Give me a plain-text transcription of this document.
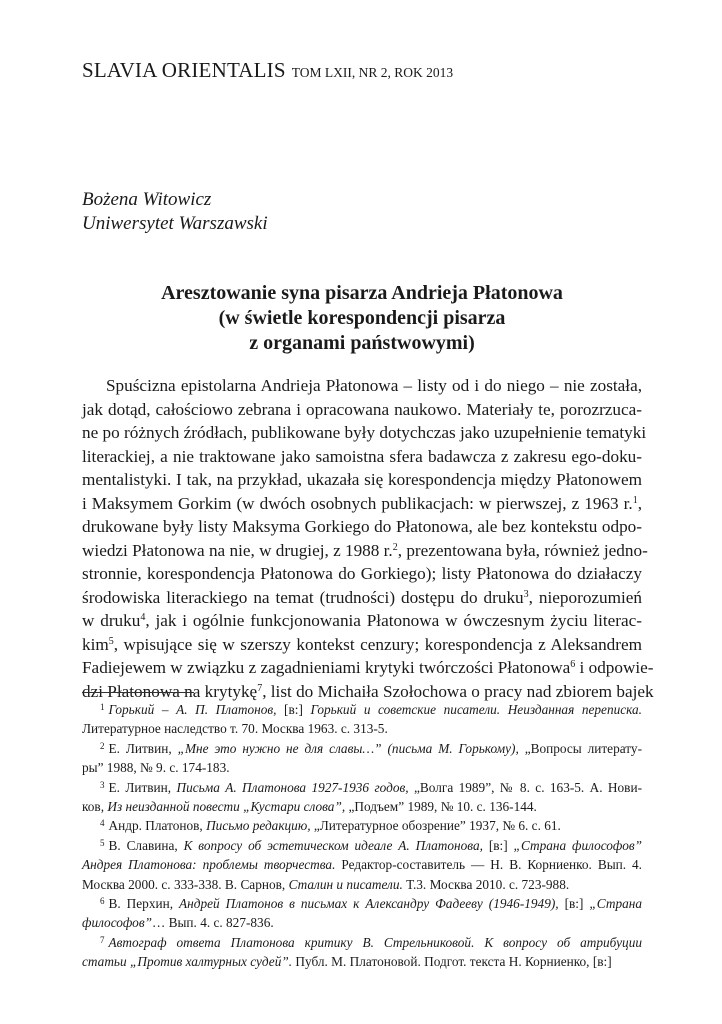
SLAVIA ORIENTALIS TOM LXII, NR 2, ROK 2013
Bożena Witowicz
Uniwersytet Warszawski
Aresztowanie syna pisarza Andrieja Płatonowa
(w świetle korespondencji pisarza
z organami państwowymi)
Spuścizna epistolarna Andrieja Płatonowa – listy od i do niego – nie została,
jak dotąd, całościowo zebrana i opracowana naukowo. Materiały te, porozrzuca-
ne po różnych źródłach, publikowane były dotychczas jako uzupełnienie tematyki
literackiej, a nie traktowane jako samoistna sfera badawcza z zakresu ego-doku-
mentalistyki. I tak, na przykład, ukazała się korespondencja między Płatonowem
i Maksymem Gorkim (w dwóch osobnych publikacjach: w pierwszej, z 1963 r.$^1$,
drukowane były listy Maksyma Gorkiego do Płatonowa, ale bez kontekstu odpo-
wiedzi Płatonowa na nie, w drugiej, z 1988 r.$^2$, prezentowana była, również jedno-
stronnie, korespondencja Płatonowa do Gorkiego); listy Płatonowa do działaczy
środowiska literackiego na temat (trudności) dostępu do druku$^3$, nieporozumień
w druku$^4$, jak i ogólnie funkcjonowania Płatonowa w ówczesnym życiu literac-
kim$^5$, wpisujące się w szerszy kontekst cenzury; korespondencja z Aleksandrem
Fadiejewem w związku z zagadnieniami krytyki twórczości Płatonowa$^6$ i odpowie-
dzi Płatonowa na krytykę$^7$, list do Michaiła Szołochowa o pracy nad zbiorem bajek
$^1$ Горький – А. П. Платонов, [в:] Горький и советские писатели. Неизданная переписка.
Литературное наследство т. 70. Москва 1963. с. 313-5.
$^2$ Е. Литвин, „Мне это нужно не для славы…” (письма М. Горькому), „Вопросы литерату-
ры” 1988, № 9. с. 174-183.
$^3$ Е. Литвин, Письма А. Платонова 1927-1936 годов, „Волга 1989”, № 8. с. 163-5. А. Нови-
ков, Из неизданной повести „Кустари слова”, „Подъем” 1989, № 10. с. 136-144.
$^4$ Андр. Платонов, Письмо редакцию, „Литературное обозрение” 1937, № 6. с. 61.
$^5$ В. Славина, К вопросу об эстетическом идеале А. Платонова, [в:] „Страна философов”
Андрея Платонова: проблемы творчества. Редактор-составитель — Н. В. Корниенко. Вып. 4.
Москва 2000. с. 333-338. В. Сарнов, Сталин и писатели. Т.3. Москва 2010. с. 723-988.
$^6$ В. Перхин, Андрей Платонов в письмах к Александру Фадееву (1946-1949), [в:] „Страна
философов”… Вып. 4. с. 827-836.
$^7$ Автограф ответа Платонова критику В. Стрельниковой. К вопросу об атрибуции
статьи „Против халтурных судей”. Публ. М. Платоновой. Подгот. текста Н. Корниенко, [в:]
